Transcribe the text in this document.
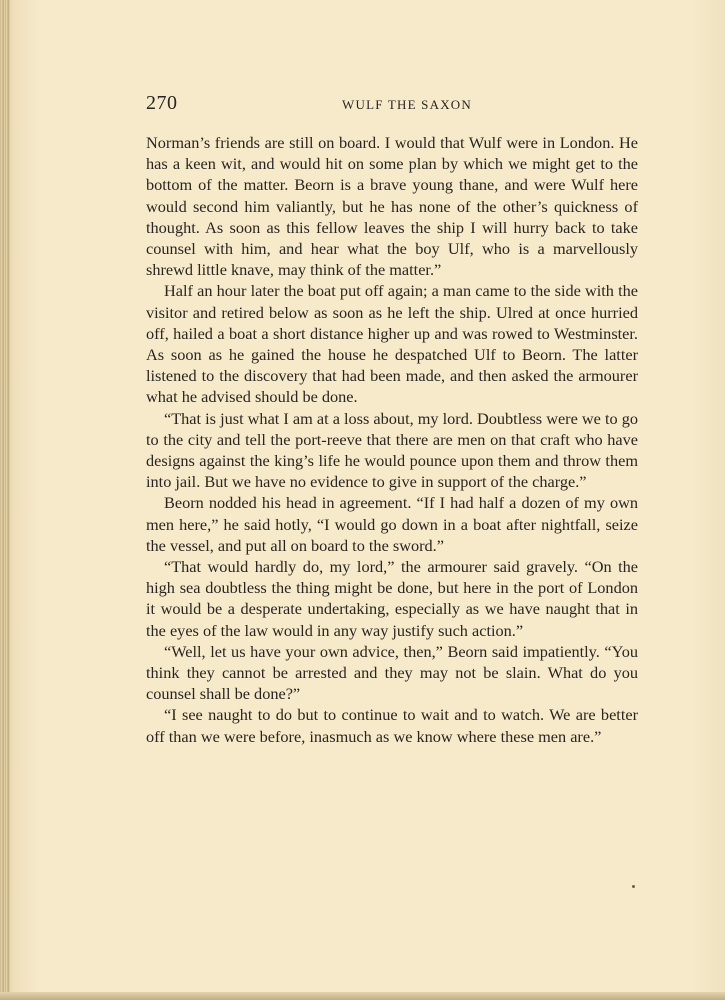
270	WULF THE SAXON

Norman’s friends are still on board. I would that Wulf were in London. He has a keen wit, and would hit on some plan by which we might get to the bottom of the matter. Beorn is a brave young thane, and were Wulf here would second him valiantly, but he has none of the other’s quickness of thought. As soon as this fellow leaves the ship I will hurry back to take counsel with him, and hear what the boy Ulf, who is a marvellously shrewd little knave, may think of the matter.”

Half an hour later the boat put off again; a man came to the side with the visitor and retired below as soon as he left the ship. Ulred at once hurried off, hailed a boat a short distance higher up and was rowed to Westminster. As soon as he gained the house he despatched Ulf to Beorn. The latter listened to the discovery that had been made, and then asked the armourer what he advised should be done.

“That is just what I am at a loss about, my lord. Doubtless were we to go to the city and tell the port-reeve that there are men on that craft who have designs against the king’s life he would pounce upon them and throw them into jail. But we have no evidence to give in support of the charge.”

Beorn nodded his head in agreement. “If I had half a dozen of my own men here,” he said hotly, “I would go down in a boat after nightfall, seize the vessel, and put all on board to the sword.”

“That would hardly do, my lord,” the armourer said gravely. “On the high sea doubtless the thing might be done, but here in the port of London it would be a desperate undertaking, especially as we have naught that in the eyes of the law would in any way justify such action.”

“Well, let us have your own advice, then,” Beorn said impatiently. “You think they cannot be arrested and they may not be slain. What do you counsel shall be done?”

“I see naught to do but to continue to wait and to watch. We are better off than we were before, inasmuch as we know where these men are.”
